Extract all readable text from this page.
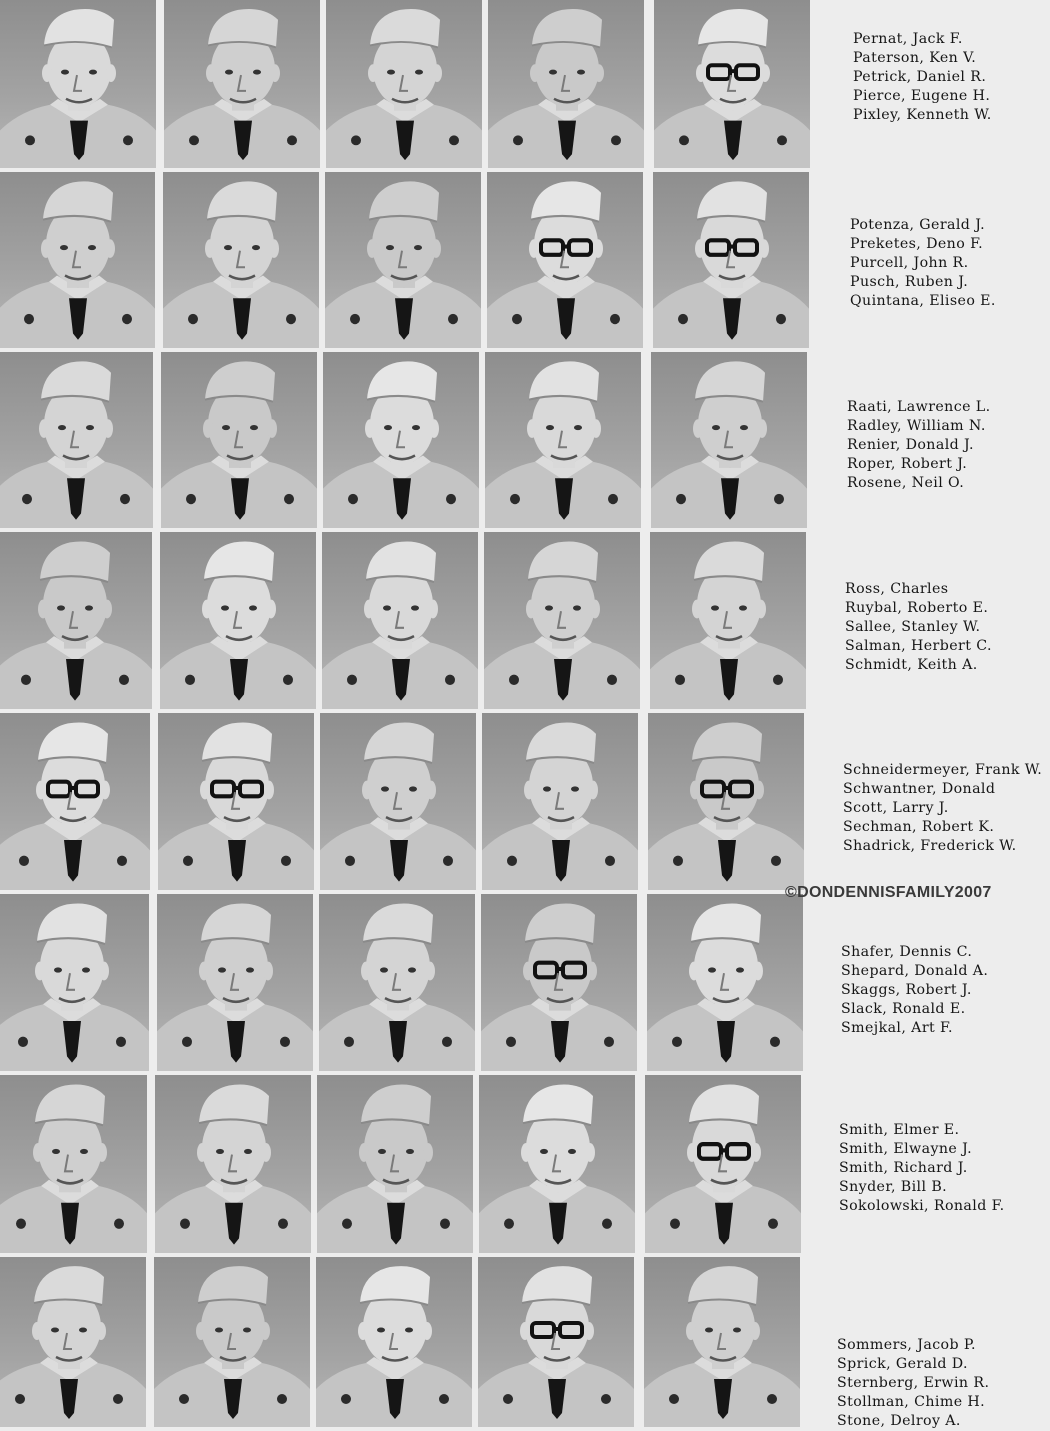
Pernat, Jack F.
Paterson, Ken V.
Petrick, Daniel R.
Pierce, Eugene H.
Pixley, Kenneth W.
Potenza, Gerald J.
Preketes, Deno F.
Purcell, John R.
Pusch, Ruben J.
Quintana, Eliseo E.
Raati, Lawrence L.
Radley, William N.
Renier, Donald J.
Roper, Robert J.
Rosene, Neil O.
Ross, Charles
Ruybal, Roberto E.
Sallee, Stanley W.
Salman, Herbert C.
Schmidt, Keith A.
Schneidermeyer, Frank W.
Schwantner, Donald
Scott, Larry J.
Sechman, Robert K.
Shadrick, Frederick W.
Shafer, Dennis C.
Shepard, Donald A.
Skaggs, Robert J.
Slack, Ronald E.
Smejkal, Art F.
Smith, Elmer E.
Smith, Elwayne J.
Smith, Richard J.
Snyder, Bill B.
Sokolowski, Ronald F.
Sommers, Jacob P.
Sprick, Gerald D.
Sternberg, Erwin R.
Stollman, Chime H.
Stone, Delroy A.
©DONDENNISFAMILY2007
